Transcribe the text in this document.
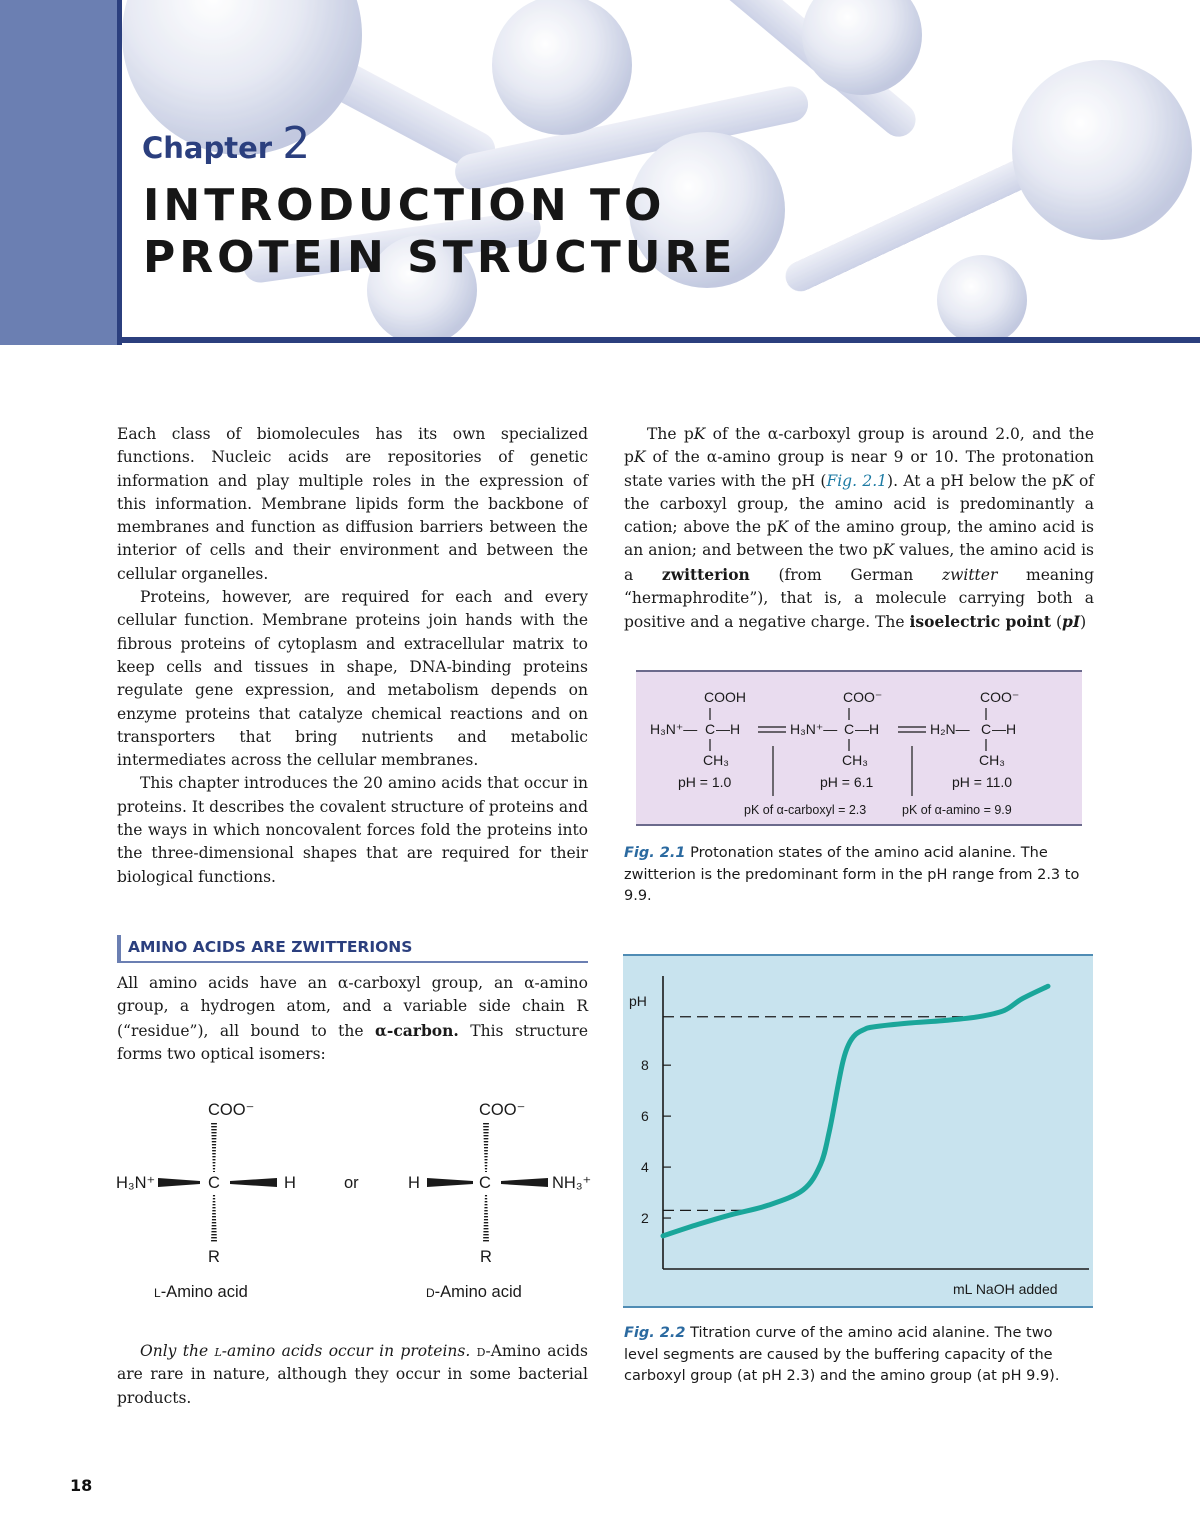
Chapter 2
INTRODUCTION TO
PROTEIN STRUCTURE

Each class of biomolecules has its own specialized functions. Nucleic acids are repositories of genetic information and play multiple roles in the expression of this information. Membrane lipids form the backbone of membranes and function as diffusion barriers between the interior of cells and their environment and between the cellular organelles.

Proteins, however, are required for each and every cellular function. Membrane proteins join hands with the fibrous proteins of cytoplasm and extracellular matrix to keep cells and tissues in shape, DNA-binding proteins regulate gene expression, and metabolism depends on enzyme proteins that catalyze chemical reactions and on transporters that bring nutrients and metabolic intermediates across the cellular membranes.

This chapter introduces the 20 amino acids that occur in proteins. It describes the covalent structure of proteins and the ways in which noncovalent forces fold the proteins into the three-dimensional shapes that are required for their biological functions.

AMINO ACIDS ARE ZWITTERIONS

All amino acids have an α-carboxyl group, an α-amino group, a hydrogen atom, and a variable side chain R (“residue”), all bound to the α-carbon. This structure forms two optical isomers:

COO⁻
H₃N⁺	C	H
R
l-Amino acid
or
COO⁻
H	C	NH₃⁺
R
d-Amino acid

Only the l-amino acids occur in proteins. d-Amino acids are rare in nature, although they occur in some bacterial products.

The pK of the α-carboxyl group is around 2.0, and the pK of the α-amino group is near 9 or 10. The protonation state varies with the pH (Fig. 2.1). At a pH below the pK of the carboxyl group, the amino acid is predominantly a cation; above the pK of the amino group, the amino acid is an anion; and between the two pK values, the amino acid is a zwitterion (from German zwitter meaning “hermaphrodite”), that is, a molecule carrying both a positive and a negative charge. The isoelectric point (pI)

COOH
H₃N⁺— C —H
CH₃
pH = 1.0
COO⁻
H₃N⁺— C —H
CH₃
pH = 6.1
COO⁻
H₂N— C —H
CH₃
pH = 11.0
pK of α-carboxyl = 2.3	pK of α-amino = 9.9
Fig. 2.1 Protonation states of the amino acid alanine. The zwitterion is the predominant form in the pH range from 2.3 to 9.9.
pH
mL NaOH added
2
4
6
8
Fig. 2.2 Titration curve of the amino acid alanine. The two level segments are caused by the buffering capacity of the carboxyl group (at pH 2.3) and the amino group (at pH 9.9).
18
